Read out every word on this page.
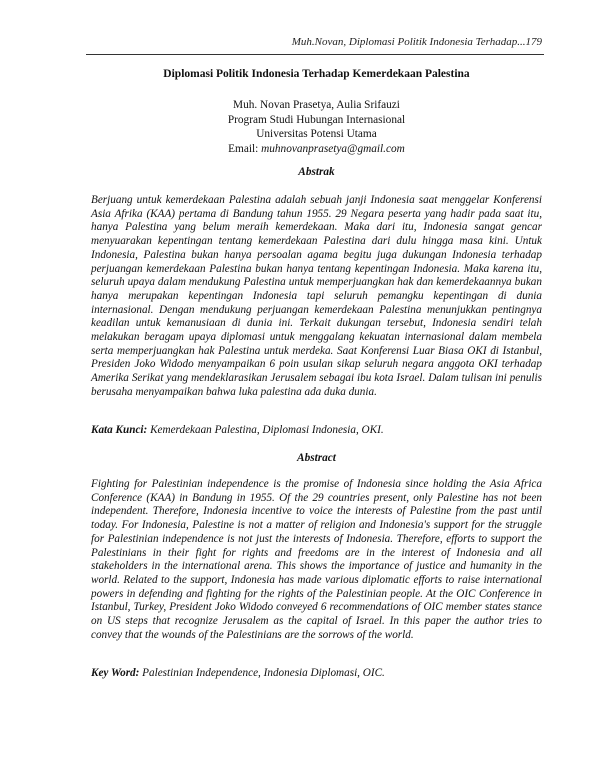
Muh.Novan, Diplomasi Politik Indonesia Terhadap...179
Diplomasi Politik Indonesia Terhadap Kemerdekaan Palestina
Muh. Novan Prasetya, Aulia Srifauzi
Program Studi Hubungan Internasional
Universitas Potensi Utama
Email: muhnovanprasetya@gmail.com
Abstrak

Berjuang untuk kemerdekaan Palestina adalah sebuah janji Indonesia saat menggelar Konferensi Asia Afrika (KAA) pertama di Bandung tahun 1955. 29 Negara peserta yang hadir pada saat itu, hanya Palestina yang belum meraih kemerdekaan. Maka dari itu, Indonesia sangat gencar menyuarakan kepentingan tentang kemerdekaan Palestina dari dulu hingga masa kini. Untuk Indonesia, Palestina bukan hanya persoalan agama begitu juga dukungan Indonesia terhadap perjuangan kemerdekaan Palestina bukan hanya tentang kepentingan Indonesia. Maka karena itu, seluruh upaya dalam mendukung Palestina untuk memperjuangkan hak dan kemerdekaannya bukan hanya merupakan kepentingan Indonesia tapi seluruh pemangku kepentingan di dunia internasional. Dengan mendukung perjuangan kemerdekaan Palestina menunjukkan pentingnya keadilan untuk kemanusiaan di dunia ini. Terkait dukungan tersebut, Indonesia sendiri telah melakukan beragam upaya diplomasi untuk menggalang kekuatan internasional dalam membela serta memperjuangkan hak Palestina untuk merdeka. Saat Konferensi Luar Biasa OKI di Istanbul, Presiden Joko Widodo menyampaikan 6 poin usulan sikap seluruh negara anggota OKI terhadap Amerika Serikat yang mendeklarasikan Jerusalem sebagai ibu kota Israel. Dalam tulisan ini penulis berusaha menyampaikan bahwa luka palestina ada duka dunia.

Kata Kunci: Kemerdekaan Palestina, Diplomasi Indonesia, OKI.

Abstract

Fighting for Palestinian independence is the promise of Indonesia since holding the Asia Africa Conference (KAA) in Bandung in 1955. Of the 29 countries present, only Palestine has not been independent. Therefore, Indonesia incentive to voice the interests of Palestine from the past until today. For Indonesia, Palestine is not a matter of religion and Indonesia's support for the struggle for Palestinian independence is not just the interests of Indonesia. Therefore, efforts to support the Palestinians in their fight for rights and freedoms are in the interest of Indonesia and all stakeholders in the international arena. This shows the importance of justice and humanity in the world. Related to the support, Indonesia has made various diplomatic efforts to raise international powers in defending and fighting for the rights of the Palestinian people. At the OIC Conference in Istanbul, Turkey, President Joko Widodo conveyed 6 recommendations of OIC member states stance on US steps that recognize Jerusalem as the capital of Israel. In this paper the author tries to convey that the wounds of the Palestinians are the sorrows of the world.

Key Word: Palestinian Independence, Indonesia Diplomasi, OIC.
